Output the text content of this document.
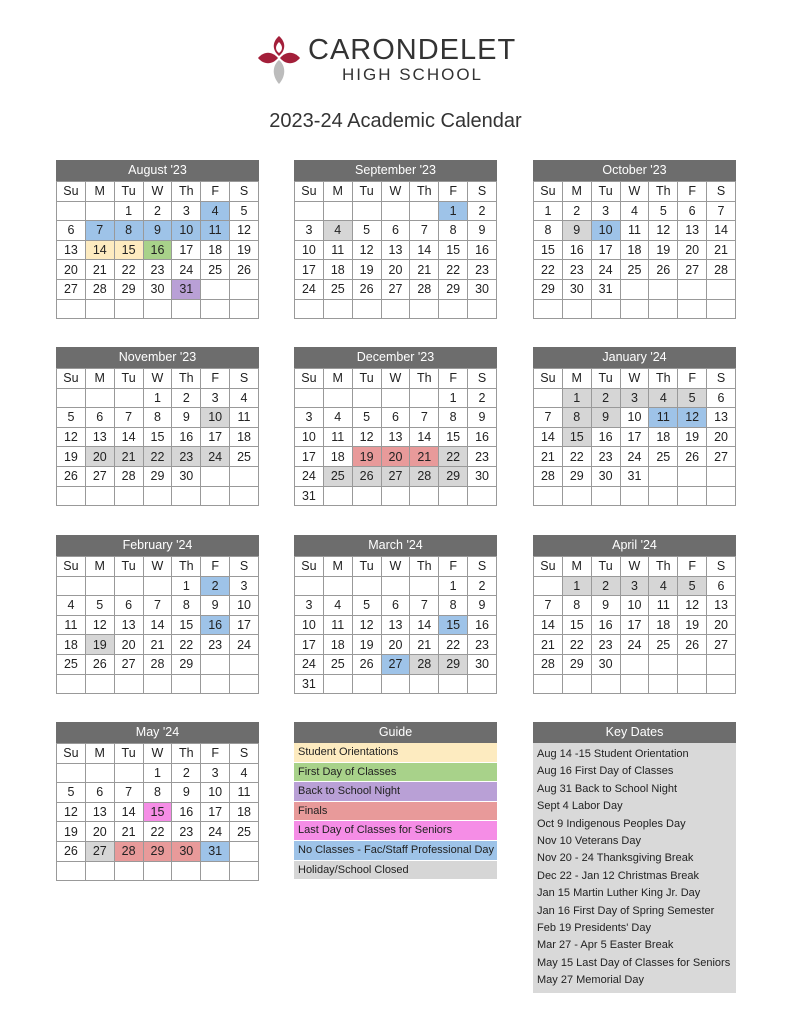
CARONDELET
HIGH SCHOOL
2023-24 Academic Calendar
August '23
Su	M	Tu	W	Th	F	S
		1	2	3	4	5
6	7	8	9	10	11	12
13	14	15	16	17	18	19
20	21	22	23	24	25	26
27	28	29	30	31		

September '23
Su	M	Tu	W	Th	F	S
					1	2
3	4	5	6	7	8	9
10	11	12	13	14	15	16
17	18	19	20	21	22	23
24	25	26	27	28	29	30

October '23
Su	M	Tu	W	Th	F	S
1	2	3	4	5	6	7
8	9	10	11	12	13	14
15	16	17	18	19	20	21
22	23	24	25	26	27	28
29	30	31				

November '23
Su	M	Tu	W	Th	F	S
			1	2	3	4
5	6	7	8	9	10	11
12	13	14	15	16	17	18
19	20	21	22	23	24	25
26	27	28	29	30		

December '23
Su	M	Tu	W	Th	F	S
					1	2
3	4	5	6	7	8	9
10	11	12	13	14	15	16
17	18	19	20	21	22	23
24	25	26	27	28	29	30
31						
January '24
Su	M	Tu	W	Th	F	S
	1	2	3	4	5	6
7	8	9	10	11	12	13
14	15	16	17	18	19	20
21	22	23	24	25	26	27
28	29	30	31			

February '24
Su	M	Tu	W	Th	F	S
				1	2	3
4	5	6	7	8	9	10
11	12	13	14	15	16	17
18	19	20	21	22	23	24
25	26	27	28	29		

March '24
Su	M	Tu	W	Th	F	S
					1	2
3	4	5	6	7	8	9
10	11	12	13	14	15	16
17	18	19	20	21	22	23
24	25	26	27	28	29	30
31						
April '24
Su	M	Tu	W	Th	F	S
	1	2	3	4	5	6
7	8	9	10	11	12	13
14	15	16	17	18	19	20
21	22	23	24	25	26	27
28	29	30				

May '24
Su	M	Tu	W	Th	F	S
			1	2	3	4
5	6	7	8	9	10	11
12	13	14	15	16	17	18
19	20	21	22	23	24	25
26	27	28	29	30	31	

Guide
Student Orientations
First Day of Classes
Back to School Night
Finals
Last Day of Classes for Seniors
No Classes - Fac/Staff Professional Day
Holiday/School Closed
Key Dates
Aug 14 -15 Student Orientation
Aug 16 First Day of Classes
Aug 31 Back to School Night
Sept 4 Labor Day
Oct 9 Indigenous Peoples Day
Nov 10 Veterans Day
Nov 20 - 24 Thanksgiving Break
Dec 22 - Jan 12 Christmas Break
Jan 15 Martin Luther King Jr. Day
Jan 16 First Day of Spring Semester
Feb 19 Presidents' Day
Mar 27 - Apr 5 Easter Break
May 15 Last Day of Classes for Seniors
May 27 Memorial Day
